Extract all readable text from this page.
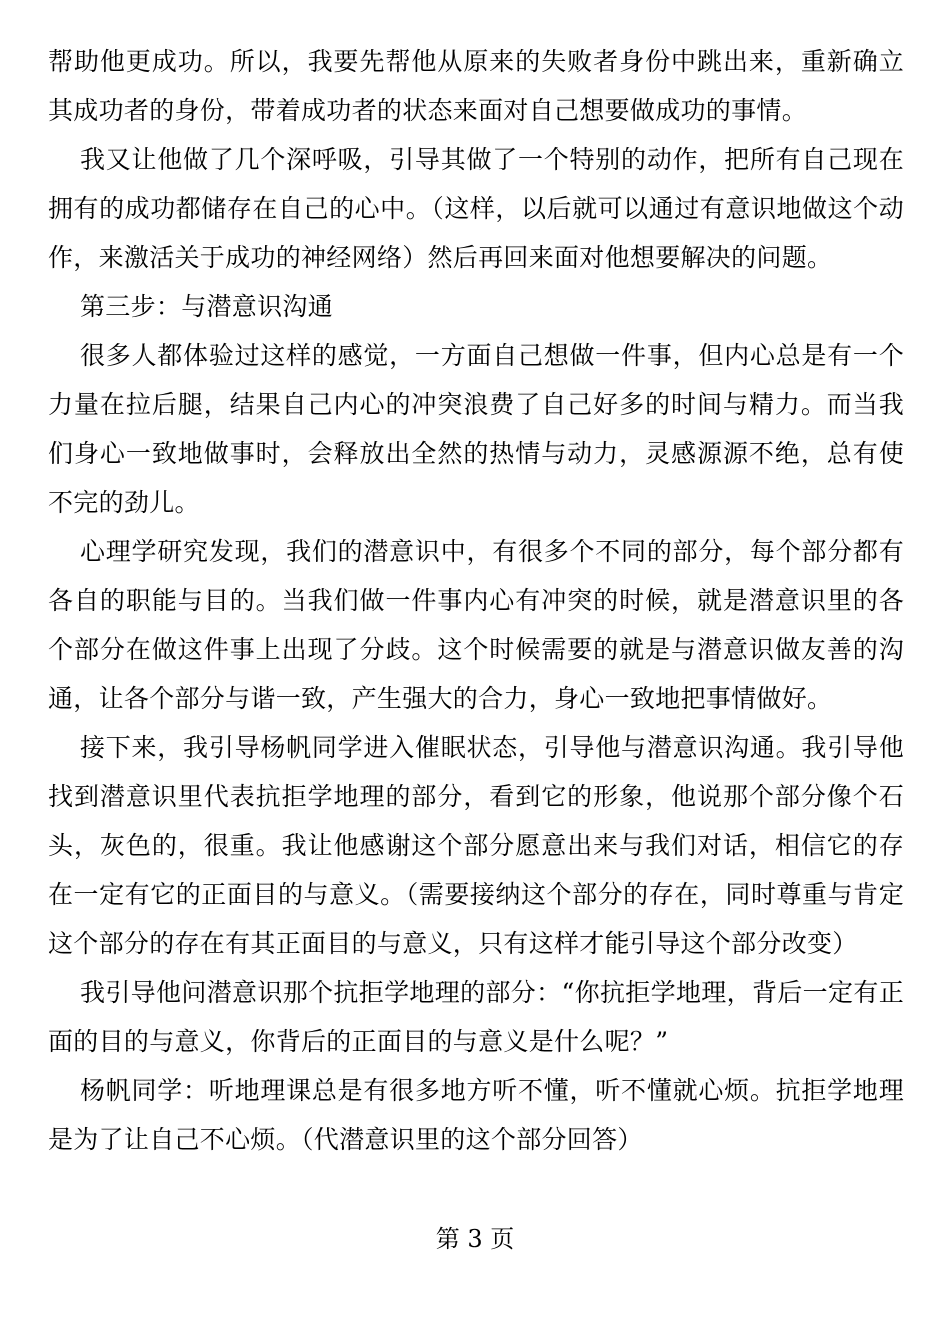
帮助他更成功。所以，我要先帮他从原来的失败者身份中跳出来，重新确立其成功者的身份，带着成功者的状态来面对自己想要做成功的事情。

我又让他做了几个深呼吸，引导其做了一个特别的动作，把所有自己现在拥有的成功都储存在自己的心中。（这样，以后就可以通过有意识地做这个动作，来激活关于成功的神经网络）然后再回来面对他想要解决的问题。

第三步：与潜意识沟通

很多人都体验过这样的感觉，一方面自己想做一件事，但内心总是有一个力量在拉后腿，结果自己内心的冲突浪费了自己好多的时间与精力。而当我们身心一致地做事时，会释放出全然的热情与动力，灵感源源不绝，总有使不完的劲儿。

心理学研究发现，我们的潜意识中，有很多个不同的部分，每个部分都有各自的职能与目的。当我们做一件事内心有冲突的时候，就是潜意识里的各个部分在做这件事上出现了分歧。这个时候需要的就是与潜意识做友善的沟通，让各个部分与谐一致，产生强大的合力，身心一致地把事情做好。

接下来，我引导杨帆同学进入催眠状态，引导他与潜意识沟通。我引导他找到潜意识里代表抗拒学地理的部分，看到它的形象，他说那个部分像个石头，灰色的，很重。我让他感谢这个部分愿意出来与我们对话，相信它的存在一定有它的正面目的与意义。（需要接纳这个部分的存在，同时尊重与肯定这个部分的存在有其正面目的与意义，只有这样才能引导这个部分改变）

我引导他问潜意识那个抗拒学地理的部分：“你抗拒学地理，背后一定有正面的目的与意义，你背后的正面目的与意义是什么呢？”

杨帆同学：听地理课总是有很多地方听不懂，听不懂就心烦。抗拒学地理是为了让自己不心烦。（代潜意识里的这个部分回答）

第 3 页
